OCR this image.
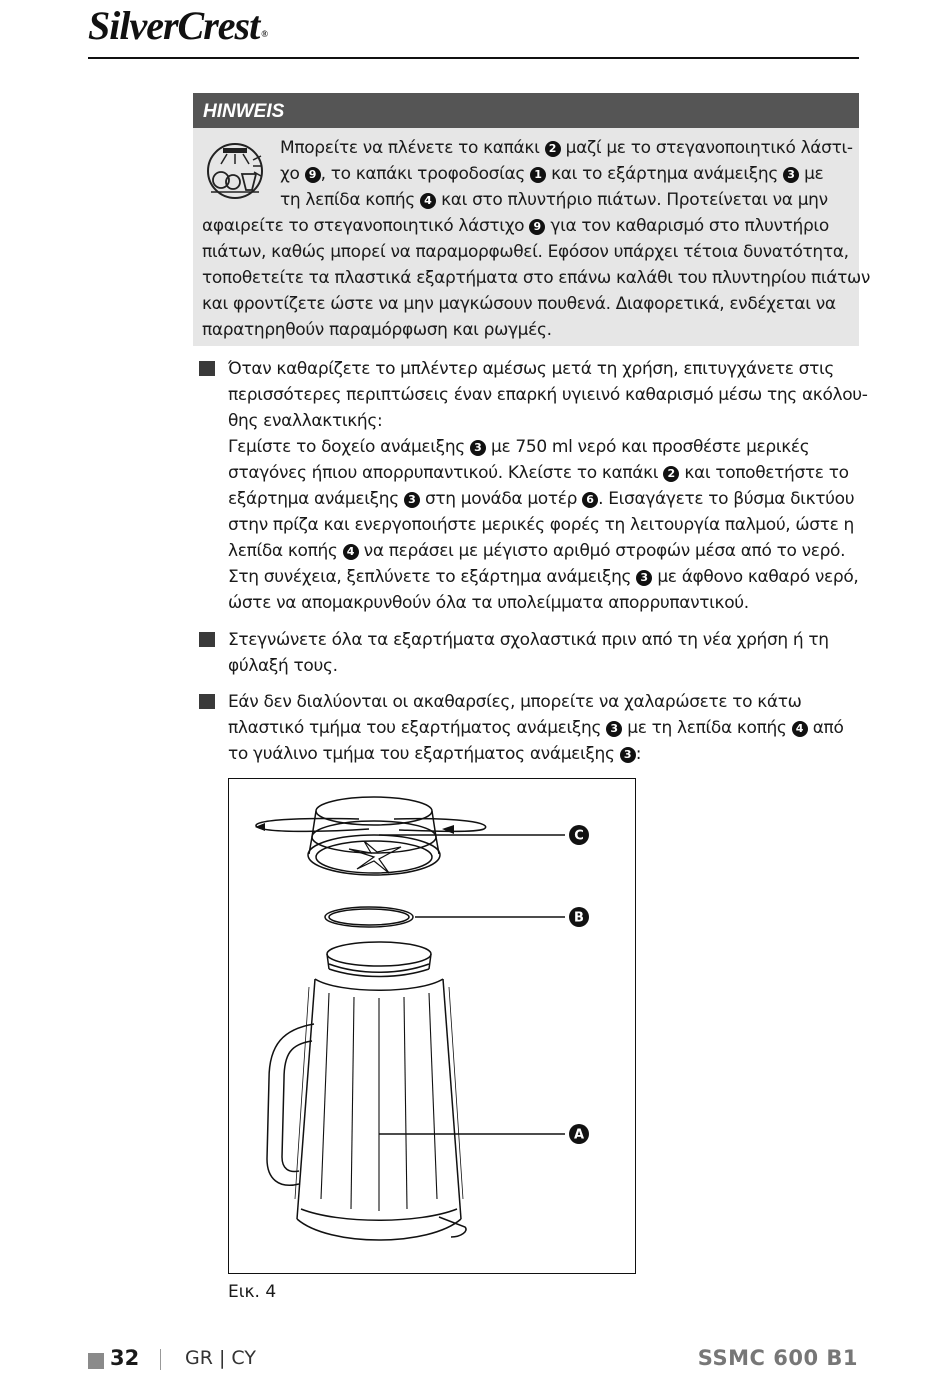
SilverCrest ®
HINWEIS
Μπορείτε να πλένετε το καπάκι 2 μαζί με το στεγανοποιητικό λάστι-
χο 9 , το καπάκι τροφοδοσίας 1 και το εξάρτημα ανάμειξης 3 με
τη λεπίδα κοπής 4 και στο πλυντήριο πιάτων. Προτείνεται να μην
αφαιρείτε το στεγανοποιητικό λάστιχο 9 για τον καθαρισμό στο πλυντήριο
πιάτων, καθώς μπορεί να παραμορφωθεί. Εφόσον υπάρχει τέτοια δυνατότητα,
τοποθετείτε τα πλαστικά εξαρτήματα στο επάνω καλάθι του πλυντηρίου πιάτων
και φροντίζετε ώστε να μην μαγκώσουν πουθενά. Διαφορετικά, ενδέχεται να
παρατηρηθούν παραμόρφωση και ρωγμές.
Όταν καθαρίζετε το μπλέντερ αμέσως μετά τη χρήση, επιτυγχάνετε στις
περισσότερες περιπτώσεις έναν επαρκή υγιεινό καθαρισμό μέσω της ακόλου-
θης εναλλακτικής:
Γεμίστε το δοχείο ανάμειξης 3 με 750 ml νερό και προσθέστε μερικές
σταγόνες ήπιου απορρυπαντικού. Κλείστε το καπάκι 2 και τοποθετήστε το
εξάρτημα ανάμειξης 3 στη μονάδα μοτέρ 6 . Εισαγάγετε το βύσμα δικτύου
στην πρίζα και ενεργοποιήστε μερικές φορές τη λειτουργία παλμού, ώστε η
λεπίδα κοπής 4 να περάσει με μέγιστο αριθμό στροφών μέσα από το νερό.
Στη συνέχεια, ξεπλύνετε το εξάρτημα ανάμειξης 3 με άφθονο καθαρό νερό,
ώστε να απομακρυνθούν όλα τα υπολείμματα απορρυπαντικού.
Στεγνώνετε όλα τα εξαρτήματα σχολαστικά πριν από τη νέα χρήση ή τη
φύλαξή τους.
Εάν δεν διαλύονται οι ακαθαρσίες, μπορείτε να χαλαρώσετε το κάτω
πλαστικό τμήμα του εξαρτήματος ανάμειξης 3 με τη λεπίδα κοπής 4 από
το γυάλινο τμήμα του εξαρτήματος ανάμειξης 3 :
C
B
A
Εικ. 4
32 GR | CY	SSMC 600 B1
